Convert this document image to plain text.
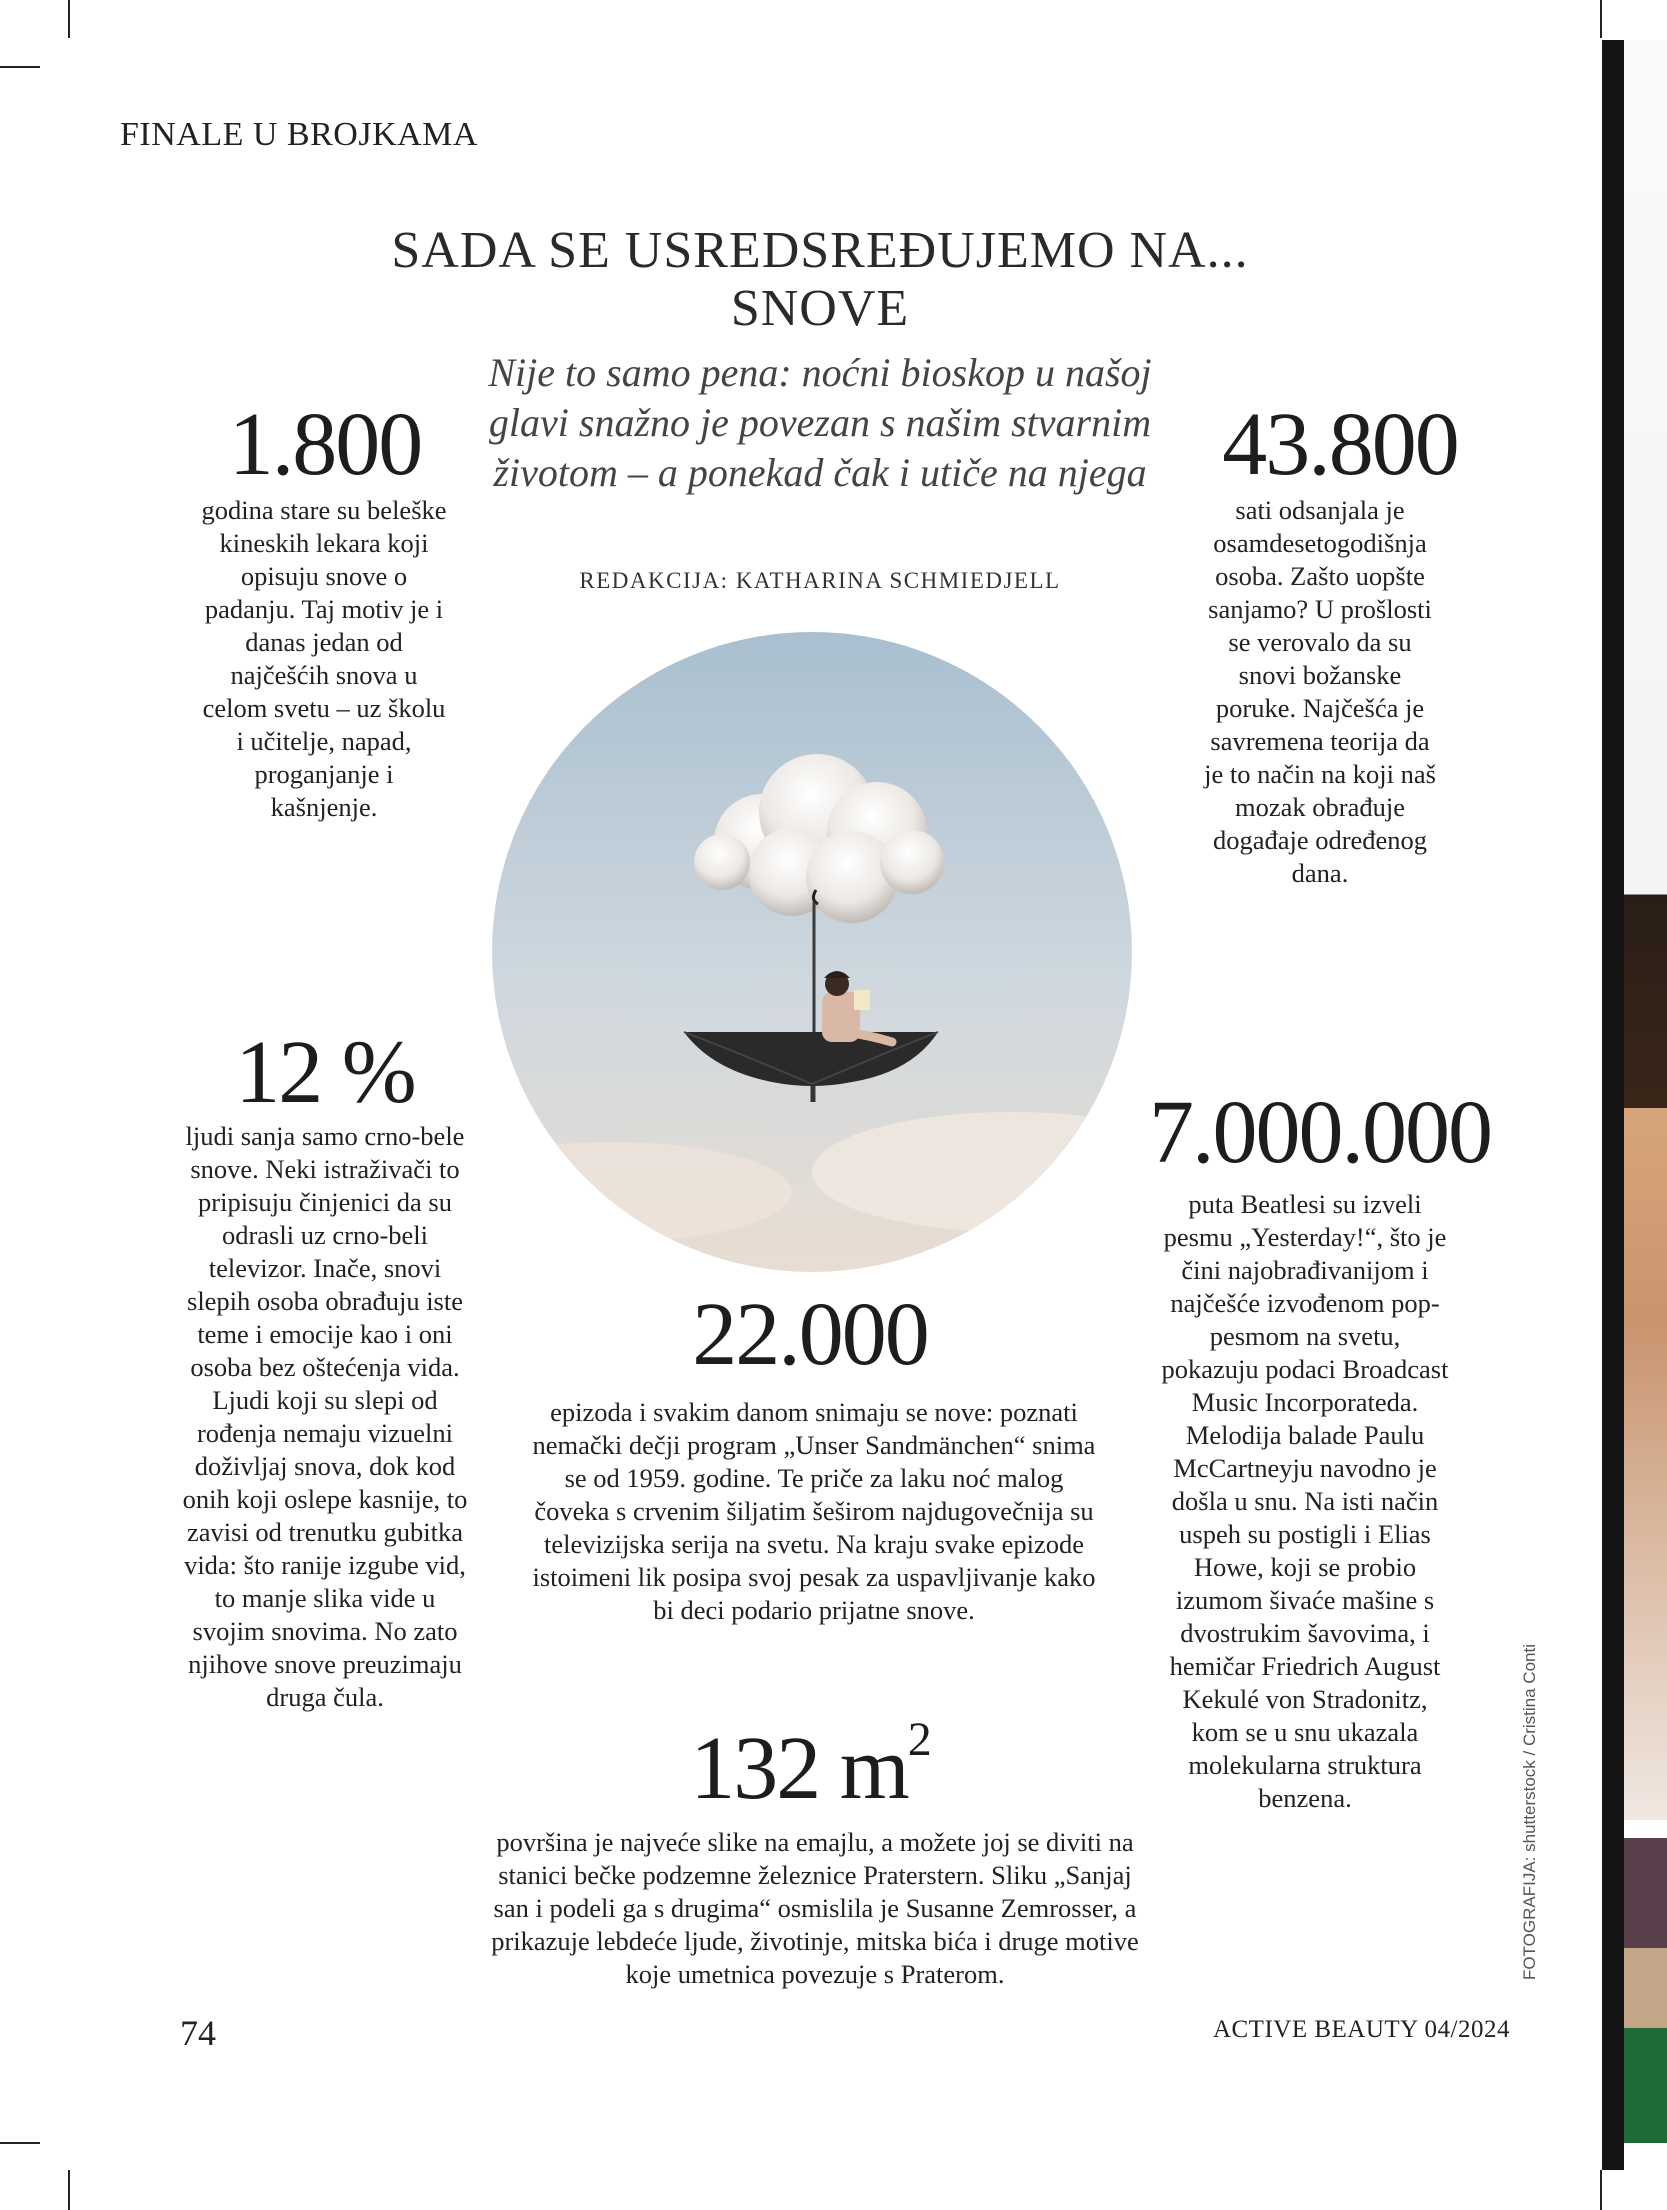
FINALE U BROJKAMA
SADA SE USREDSREĐUJEMO NA...
SNOVE
Nije to samo pena: noćni bioskop u našoj glavi snažno je povezan s našim stvarnim životom – a ponekad čak i utiče na njega
REDAKCIJA: KATHARINA SCHMIEDJELL
1.800
godina stare su beleške kineskih lekara koji opisuju snove o padanju. Taj motiv je i danas jedan od najčešćih snova u celom svetu – uz školu i učitelje, napad, proganjanje i kašnjenje.
43.800
sati odsanjala je osamdesetogodišnja osoba. Zašto uopšte sanjamo? U prošlosti se verovalo da su snovi božanske poruke. Najčešća je savremena teorija da je to način na koji naš mozak obrađuje događaje određenog dana.
12 %
ljudi sanja samo crno-bele snove. Neki istraživači to pripisuju činjenici da su odrasli uz crno-beli televizor. Inače, snovi slepih osoba obrađuju iste teme i emocije kao i oni osoba bez oštećenja vida. Ljudi koji su slepi od rođenja nemaju vizuelni doživljaj snova, dok kod onih koji oslepe kasnije, to zavisi od trenutku gubitka vida: što ranije izgube vid, to manje slika vide u svojim snovima. No zato njihove snove preuzimaju druga čula.
7.000.000
puta Beatlesi su izveli pesmu „Yesterday!“, što je čini najobrađivanijom i najčešće izvođenom pop- pesmom na svetu, pokazuju podaci Broadcast Music Incorporateda. Melodija balade Paulu McCartneyju navodno je došla u snu. Na isti način uspeh su postigli i Elias Howe, koji se probio izumom šivaće mašine s dvostrukim šavovima, i hemičar Friedrich August Kekulé von Stradonitz, kom se u snu ukazala molekularna struktura benzena.
22.000
epizoda i svakim danom snimaju se nove: poznati nemački dečji program „Unser Sandmänchen“ snima se od 1959. godine. Te priče za laku noć malog čoveka s crvenim šiljatim šeširom najdugovečnija su televizijska serija na svetu. Na kraju svake epizode istoimeni lik posipa svoj pesak za uspavljivanje kako bi deci podario prijatne snove.
132 $m^2$
površina je najveće slike na emajlu, a možete joj se diviti na stanici bečke podzemne železnice Praterstern. Sliku „Sanjaj san i podeli ga s drugima“ osmislila je Susanne Zemrosser, a prikazuje lebdeće ljude, životinje, mitska bića i druge motive koje umetnica povezuje s Praterom.
74	ACTIVE BEAUTY 04/2024
FOTOGRAFIJA: shutterstock / Cristina Conti
